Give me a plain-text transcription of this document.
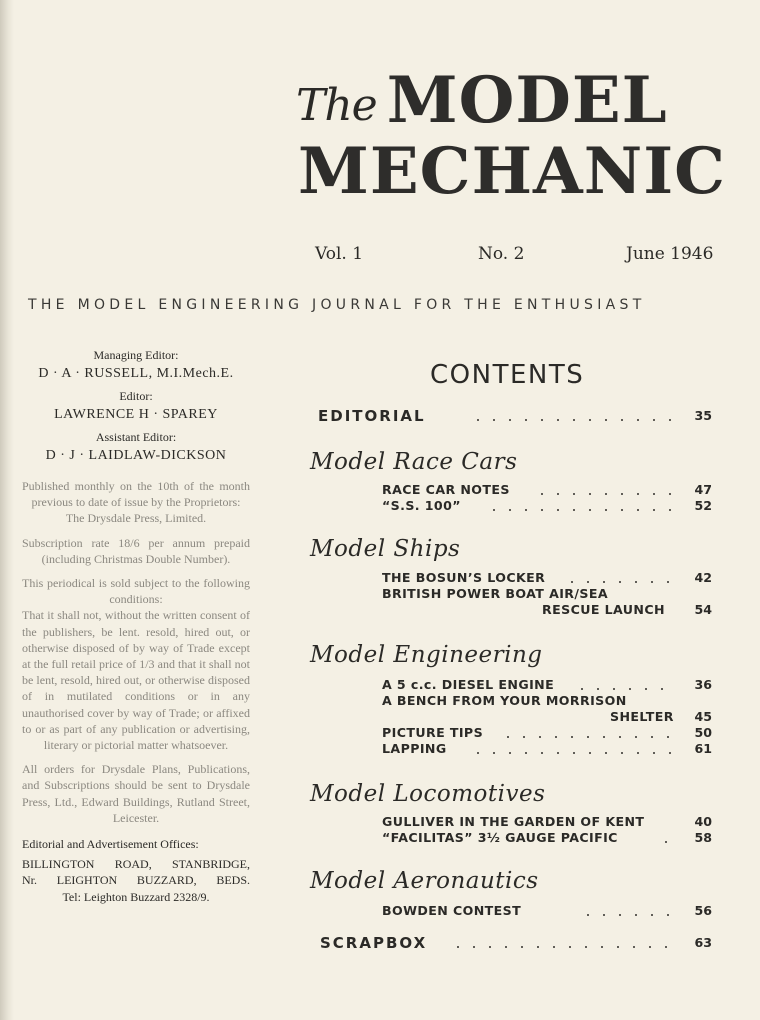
The MODEL
MECHANIC
Vol. 1	No. 2	June 1946
THE MODEL ENGINEERING JOURNAL FOR THE ENTHUSIAST
Managing Editor:
D · A · RUSSELL, M.I.Mech.E.
Editor:
LAWRENCE H · SPAREY
Assistant Editor:
D · J · LAIDLAW-DICKSON
Published monthly on the 10th of the month previous to date of issue by the Proprietors:
The Drysdale Press, Limited.
Subscription rate 18/6 per annum prepaid (including Christmas Double Number).
This periodical is sold subject to the following conditions:
That it shall not, without the written consent of the publishers, be lent. resold, hired out, or otherwise disposed of by way of Trade except at the full retail price of 1/3 and that it shall not be lent, resold, hired out, or otherwise disposed of in mutilated conditions or in any unauthorised cover by way of Trade; or affixed to or as part of any publication or advertising, literary or pictorial matter whatsoever.
All orders for Drysdale Plans, Publications, and Subscriptions should be sent to Drysdale Press, Ltd., Edward Buildings, Rutland Street, Leicester.
Editorial and Advertisement Offices:
BILLINGTON ROAD, STANBRIDGE,
Nr. LEIGHTON BUZZARD, BEDS.
Tel: Leighton Buzzard 2328/9.
CONTENTS
EDITORIAL	35
Model Race Cars
RACE CAR NOTES	47
“S.S. 100”	52
Model Ships
THE BOSUN’S LOCKER	42
BRITISH POWER BOAT AIR/SEA
RESCUE LAUNCH	54
Model Engineering
A 5 c.c. DIESEL ENGINE	36
A BENCH FROM YOUR MORRISON
SHELTER	45
PICTURE TIPS	50
LAPPING	61
Model Locomotives
GULLIVER IN THE GARDEN OF KENT	40
“FACILITAS” 3½ GAUGE PACIFIC	58
Model Aeronautics
BOWDEN CONTEST	56
SCRAPBOX	63
